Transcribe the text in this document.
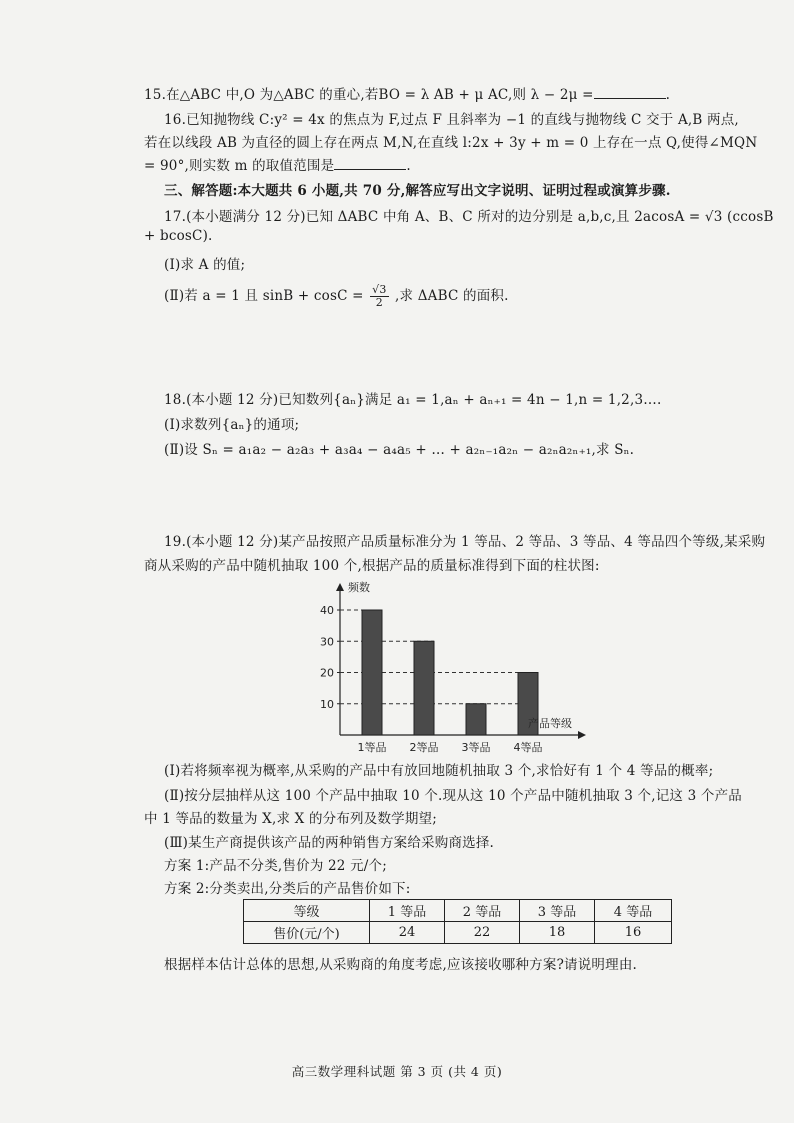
15.在△ABC 中,O 为△ABC 的重心,若BO = λ AB + μ AC,则 λ − 2μ =	.
16.已知抛物线 C:y² = 4x 的焦点为 F,过点 F 且斜率为 −1 的直线与抛物线 C 交于 A,B 两点,
若在以线段 AB 为直径的圆上存在两点 M,N,在直线 l:2x + 3y + m = 0 上存在一点 Q,使得∠MQN
= 90°,则实数 m 的取值范围是	.
三、解答题:本大题共 6 小题,共 70 分,解答应写出文字说明、证明过程或演算步骤.
17.(本小题满分 12 分)已知 ΔABC 中角 A、B、C 所对的边分别是 a,b,c,且 2acosA = √3 (ccosB
+ bcosC).
(Ⅰ)求 A 的值;
(Ⅱ)若 a = 1 且 $\sin B + \cos C = \frac{√3}{2}$ ,求 ΔABC 的面积.
18.(本小题 12 分)已知数列{aₙ}满足 a₁ = 1,aₙ + aₙ₊₁ = 4n − 1,n = 1,2,3….
(Ⅰ)求数列{aₙ}的通项;
(Ⅱ)设 Sₙ = a₁a₂ − a₂a₃ + a₃a₄ − a₄a₅ + … + a₂ₙ₋₁a₂ₙ − a₂ₙa₂ₙ₊₁,求 Sₙ.
19.(本小题 12 分)某产品按照产品质量标准分为 1 等品、2 等品、3 等品、4 等品四个等级,某采购
商从采购的产品中随机抽取 100 个,根据产品的质量标准得到下面的柱状图:
10
20
30
40
1等品 2等品 3等品 4等品
频数
产品等级
(Ⅰ)若将频率视为概率,从采购的产品中有放回地随机抽取 3 个,求恰好有 1 个 4 等品的概率;
(Ⅱ)按分层抽样从这 100 个产品中抽取 10 个.现从这 10 个产品中随机抽取 3 个,记这 3 个产品
中 1 等品的数量为 X,求 X 的分布列及数学期望;
(Ⅲ)某生产商提供该产品的两种销售方案给采购商选择.
方案 1:产品不分类,售价为 22 元/个;
方案 2:分类卖出,分类后的产品售价如下:
等级	1 等品	2 等品	3 等品	4 等品
售价(元/个)	24	22	18	16
根据样本估计总体的思想,从采购商的角度考虑,应该接收哪种方案?请说明理由.
高三数学理科试题 第 3 页 (共 4 页)
